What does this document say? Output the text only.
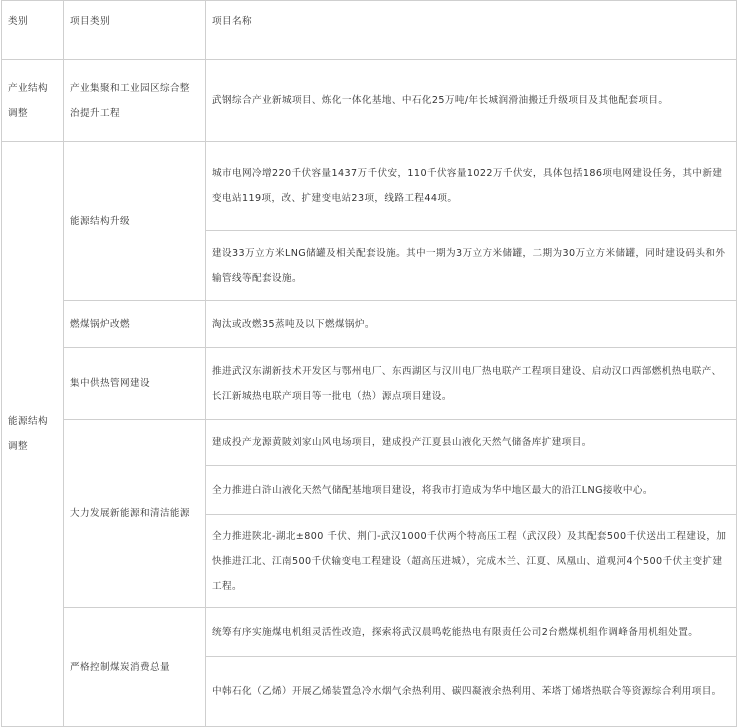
类别	项目类别	项目名称
产业结构调整	产业集聚和工业园区综合整治提升工程	武钢综合产业新城项目、炼化一体化基地、中石化25万吨/年长城润滑油搬迁升级项目及其他配套项目。
能源结构调整	能源结构升级	城市电网冷增220千伏容量1437万千伏安，110千伏容量1022万千伏安，具体包括186项电网建设任务，其中新建变电站119项，改、扩建变电站23项，线路工程44项。
		建设33万立方米LNG储罐及相关配套设施。其中一期为3万立方米储罐，二期为30万立方米储罐，同时建设码头和外输管线等配套设施。
	燃煤锅炉改燃	淘汰或改燃35蒸吨及以下燃煤锅炉。
	集中供热管网建设	推进武汉东湖新技术开发区与鄂州电厂、东西湖区与汉川电厂热电联产工程项目建设、启动汉口西部燃机热电联产、长江新城热电联产项目等一批电（热）源点项目建设。
	大力发展新能源和清洁能源	建成投产龙源黄陂刘家山风电场项目，建成投产江夏县山液化天然气储备库扩建项目。
		全力推进白浒山液化天然气储配基地项目建设，将我市打造成为华中地区最大的沿江LNG接收中心。
		全力推进陕北-湖北±800 千伏、荆门-武汉1000千伏两个特高压工程（武汉段）及其配套500千伏送出工程建设，加快推进江北、江南500千伏输变电工程建设（超高压进城），完成木兰、江夏、凤凰山、道观河4个500千伏主变扩建工程。
	严格控制煤炭消费总量	统筹有序实施煤电机组灵活性改造，探索将武汉晨鸣乾能热电有限责任公司2台燃煤机组作调峰备用机组处置。
		中韩石化（乙烯）开展乙烯装置急冷水烟气余热利用、碳四凝液余热利用、苯塔丁烯塔热联合等资源综合利用项目。
